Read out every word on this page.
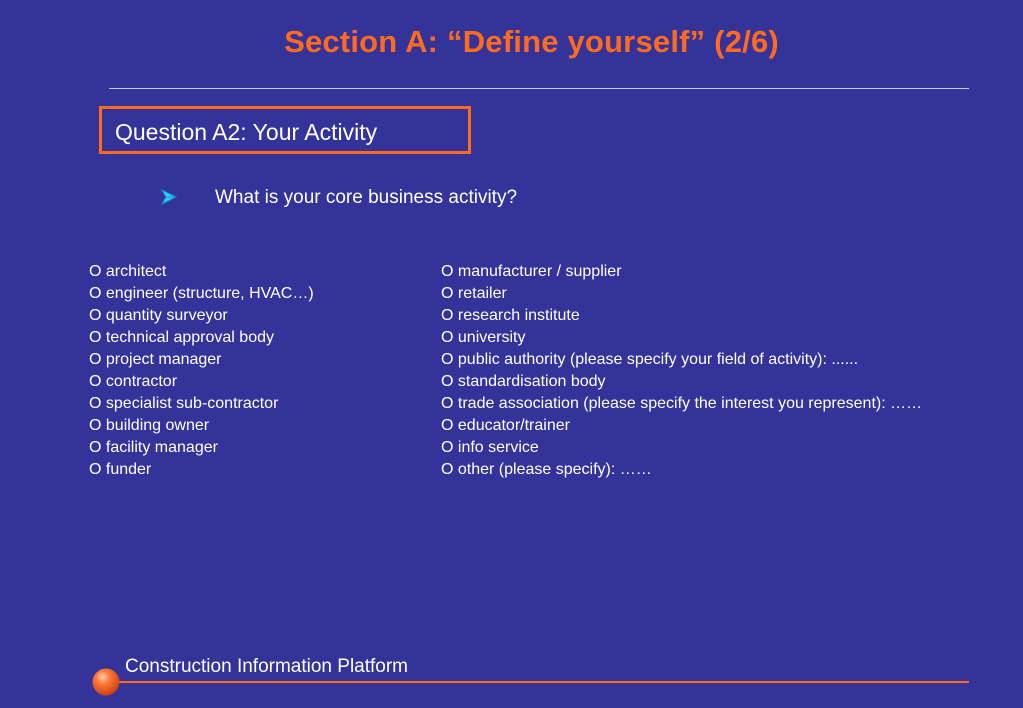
Section A: “Define yourself” (2/6)
Question A2: Your Activity
What is your core business activity?
O architect
O engineer (structure, HVAC…)
O quantity surveyor
O technical approval body
O project manager
O contractor
O specialist sub-contractor
O building owner
O facility manager
O funder
O manufacturer / supplier
O retailer
O research institute
O university
O public authority (please specify your field of activity): ......
O standardisation body
O trade association (please specify the interest you represent): ……
O educator/trainer
O info service
O other (please specify): ……
Construction Information Platform
